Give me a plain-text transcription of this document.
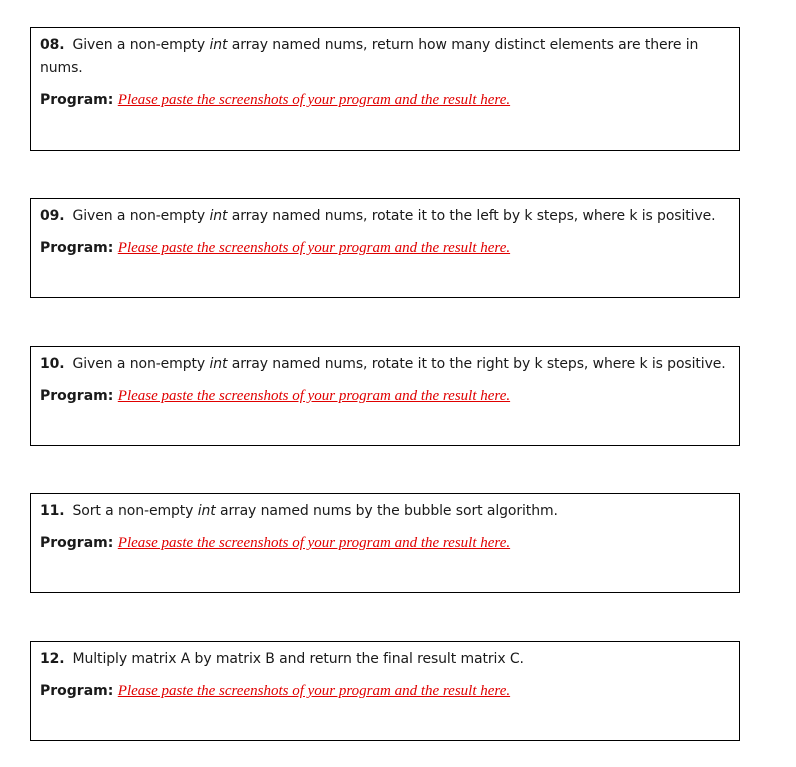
08. Given a non-empty int array named nums, return how many distinct elements are there in nums.

Program: Please paste the screenshots of your program and the result here.

09. Given a non-empty int array named nums, rotate it to the left by k steps, where k is positive.

Program: Please paste the screenshots of your program and the result here.

10. Given a non-empty int array named nums, rotate it to the right by k steps, where k is positive.

Program: Please paste the screenshots of your program and the result here.

11. Sort a non-empty int array named nums by the bubble sort algorithm.

Program: Please paste the screenshots of your program and the result here.

12. Multiply matrix A by matrix B and return the final result matrix C.

Program: Please paste the screenshots of your program and the result here.
